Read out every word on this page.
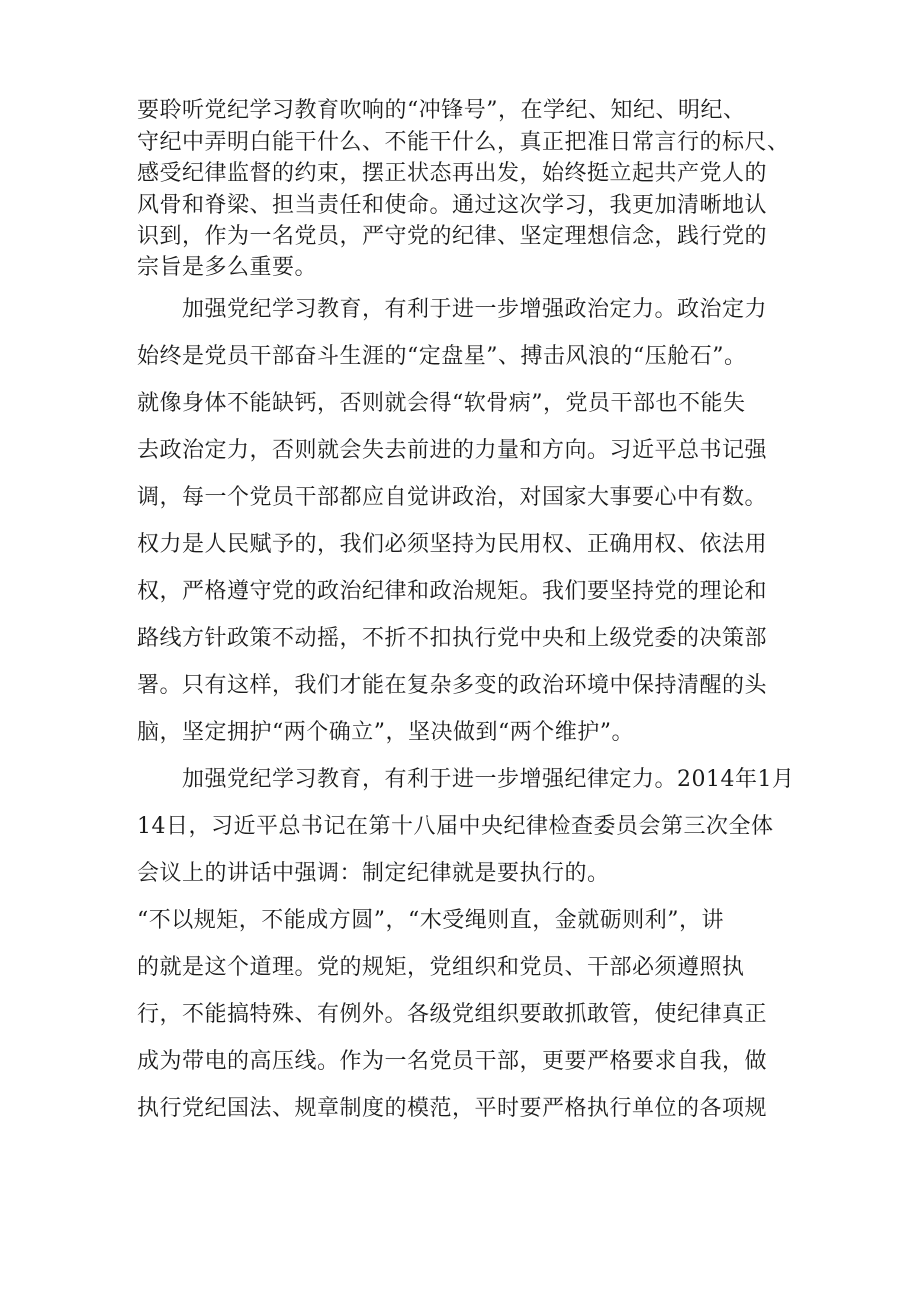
要聆听党纪学习教育吹响的“冲锋号”，在学纪、知纪、明纪、
守纪中弄明白能干什么、不能干什么，真正把准日常言行的标尺、
感受纪律监督的约束，摆正状态再出发，始终挺立起共产党人的
风骨和脊梁、担当责任和使命。通过这次学习，我更加清晰地认
识到，作为一名党员，严守党的纪律、坚定理想信念，践行党的
宗旨是多么重要。
加强党纪学习教育，有利于进一步增强政治定力。政治定力
始终是党员干部奋斗生涯的“定盘星”、搏击风浪的“压舱石”。
就像身体不能缺钙，否则就会得“软骨病”，党员干部也不能失
去政治定力，否则就会失去前进的力量和方向。习近平总书记强
调，每一个党员干部都应自觉讲政治，对国家大事要心中有数。
权力是人民赋予的，我们必须坚持为民用权、正确用权、依法用
权，严格遵守党的政治纪律和政治规矩。我们要坚持党的理论和
路线方针政策不动摇，不折不扣执行党中央和上级党委的决策部
署。只有这样，我们才能在复杂多变的政治环境中保持清醒的头
脑，坚定拥护“两个确立”，坚决做到“两个维护”。
加强党纪学习教育，有利于进一步增强纪律定力。2014年1月
14日，习近平总书记在第十八届中央纪律检查委员会第三次全体
会议上的讲话中强调：制定纪律就是要执行的。
“不以规矩，不能成方圆”，“木受绳则直，金就砺则利”，讲
的就是这个道理。党的规矩，党组织和党员、干部必须遵照执
行，不能搞特殊、有例外。各级党组织要敢抓敢管，使纪律真正
成为带电的高压线。作为一名党员干部，更要严格要求自我，做
执行党纪国法、规章制度的模范，平时要严格执行单位的各项规
